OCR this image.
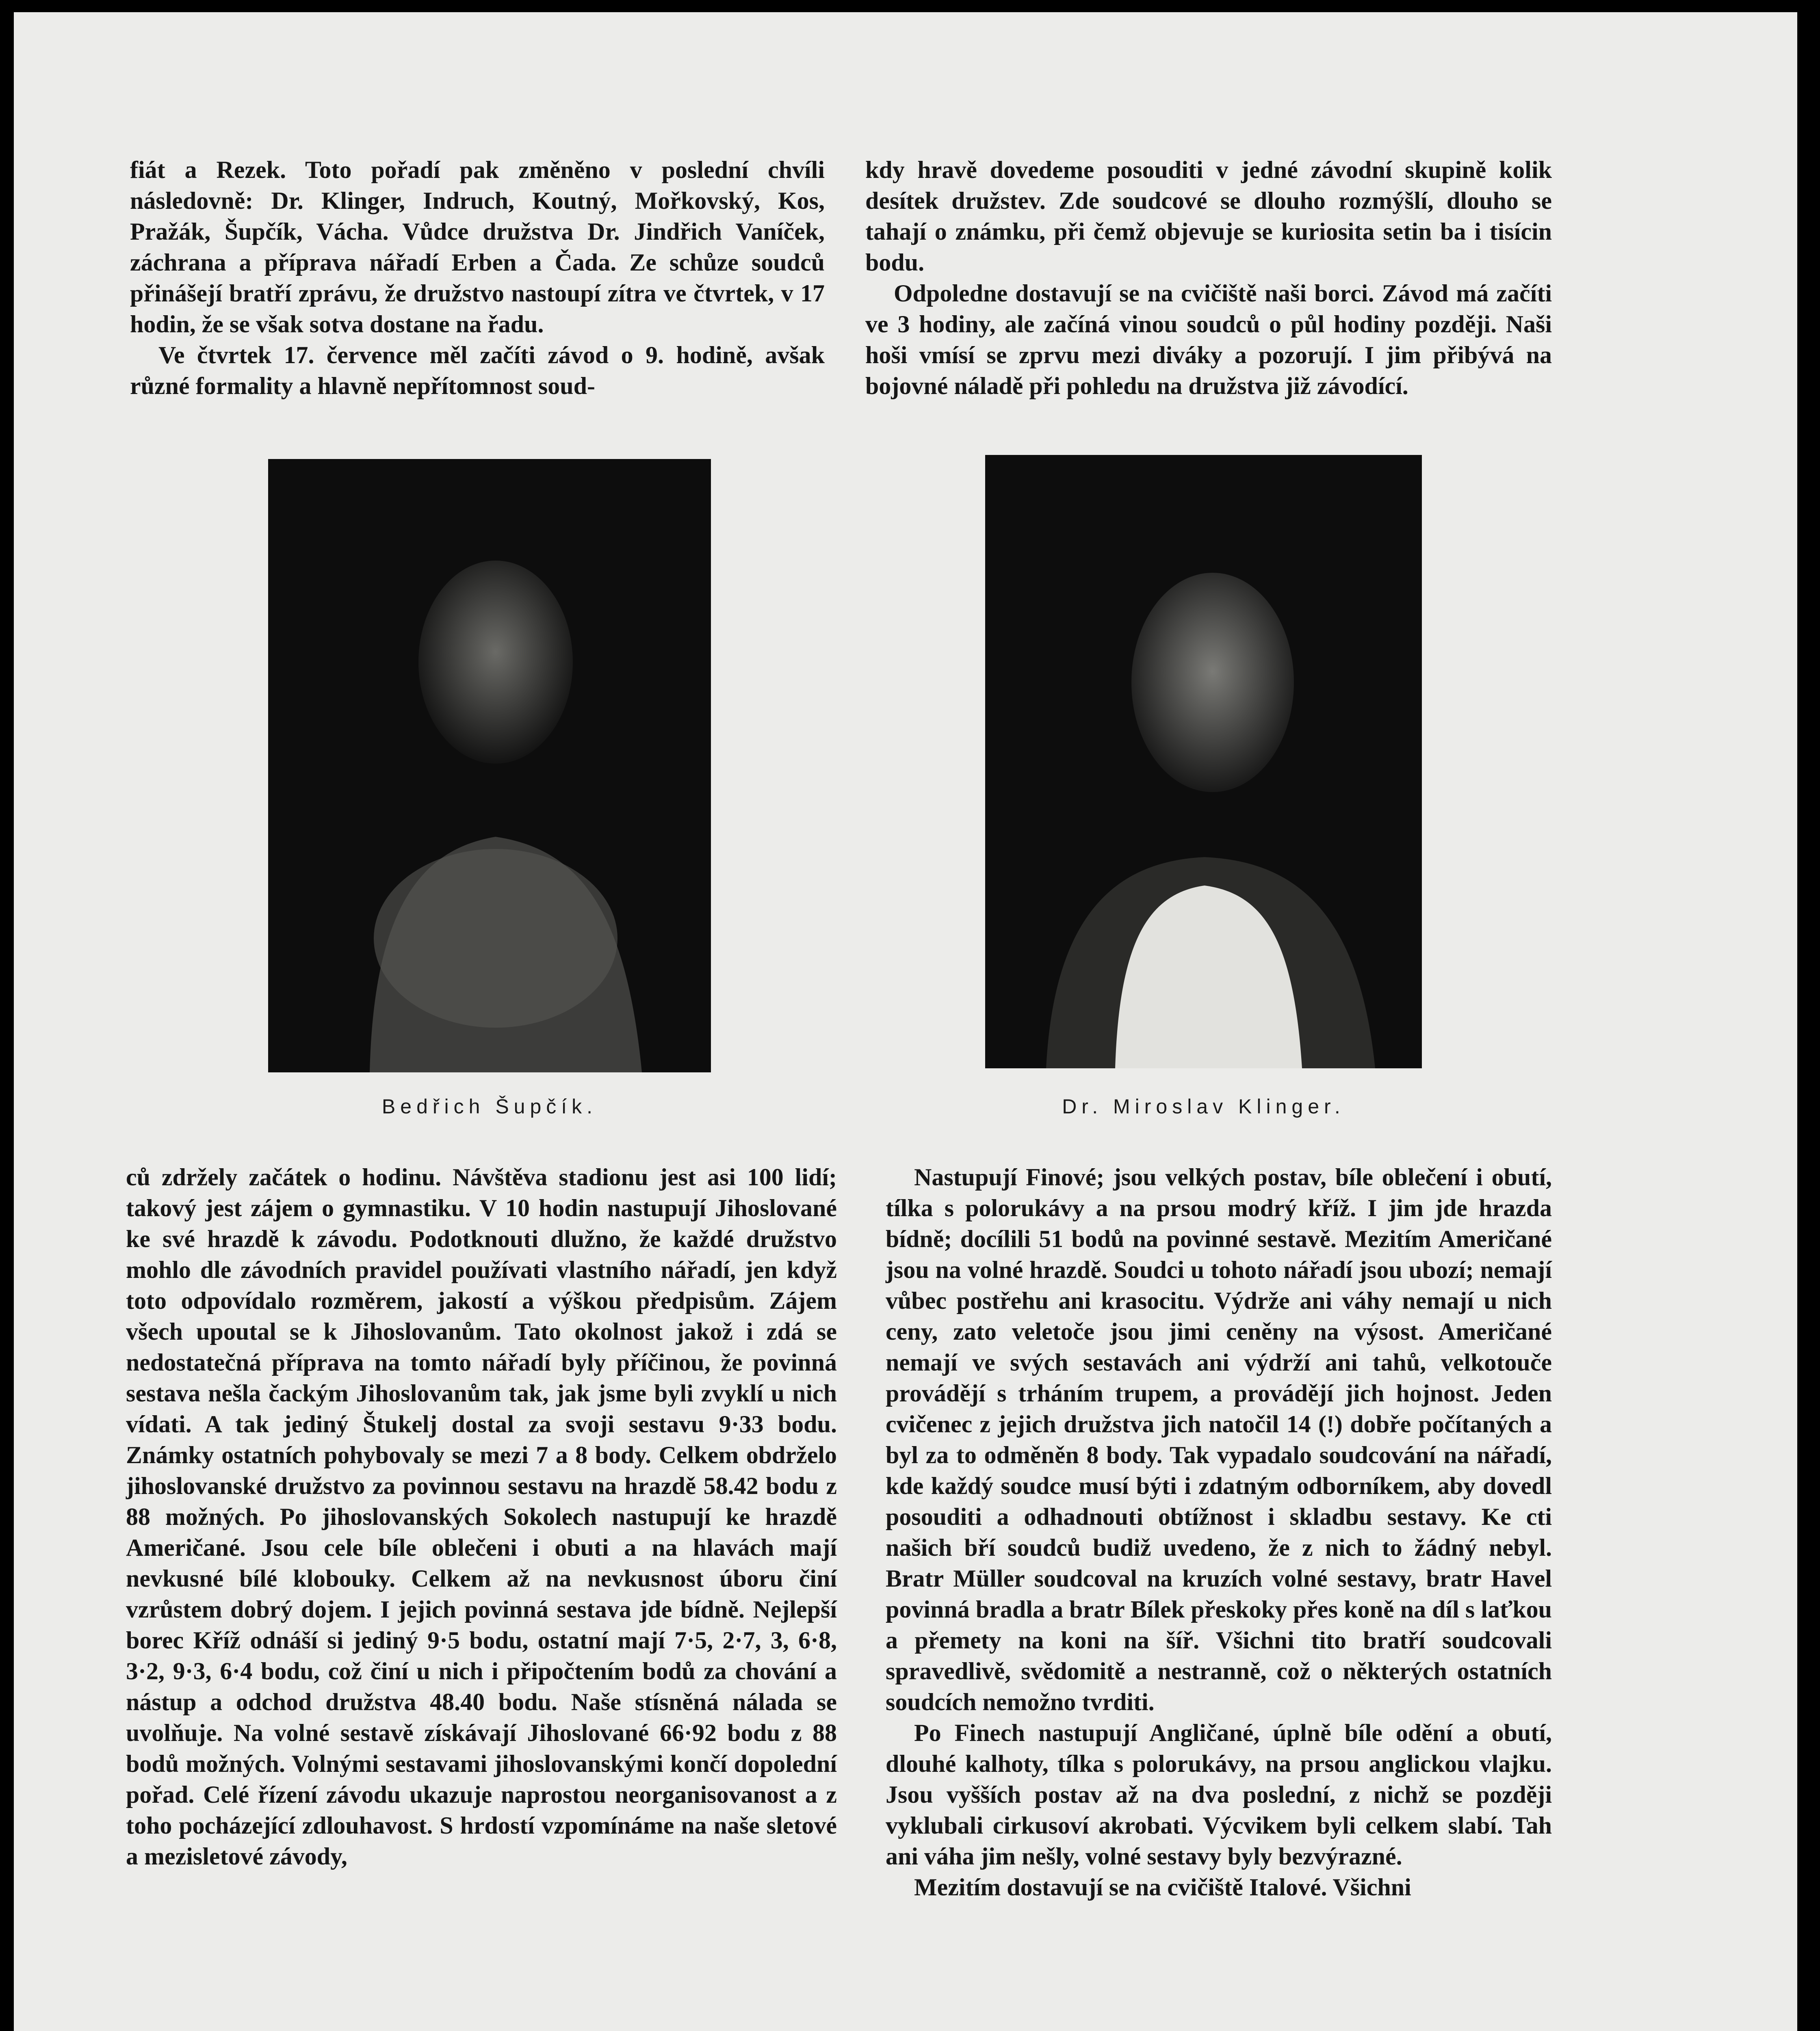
fiát a Rezek. Toto pořadí pak změněno v poslední chvíli následovně: Dr. Klinger, Indruch, Koutný, Mořkovský, Kos, Pražák, Šupčík, Vácha. Vůdce družstva Dr. Jindřich Vaníček, záchrana a příprava nářadí Erben a Čada. Ze schůze soudců přinášejí bratří zprávu, že družstvo nastoupí zítra ve čtvrtek, v 17 hodin, že se však sotva dostane na řadu.

Ve čtvrtek 17. července měl začíti závod o 9. hodině, avšak různé formality a hlavně nepřítomnost soud-

kdy hravě dovedeme posouditi v jedné závodní skupině kolik desítek družstev. Zde soudcové se dlouho rozmýšlí, dlouho se tahají o známku, při čemž objevuje se kuriosita setin ba i tisícin bodu.

Odpoledne dostavují se na cvičiště naši borci. Závod má začíti ve 3 hodiny, ale začíná vinou soudců o půl hodiny později. Naši hoši vmísí se zprvu mezi diváky a pozorují. I jim přibývá na bojovné náladě při pohledu na družstva již závodící.

Bedřich Šupčík.	Dr. Miroslav Klinger.

ců zdržely začátek o hodinu. Návštěva stadionu jest asi 100 lidí; takový jest zájem o gymnastiku. V 10 hodin nastupují Jihoslované ke své hrazdě k závodu. Podotknouti dlužno, že každé družstvo mohlo dle závodních pravidel používati vlastního nářadí, jen když toto odpovídalo rozměrem, jakostí a výškou předpisům. Zájem všech upoutal se k Jihoslovanům. Tato okolnost jakož i zdá se nedostatečná příprava na tomto nářadí byly příčinou, že povinná sestava nešla čackým Jihoslovanům tak, jak jsme byli zvyklí u nich vídati. A tak jediný Štukelj dostal za svoji sestavu 9·33 bodu. Známky ostatních pohybovaly se mezi 7 a 8 body. Celkem obdrželo jihoslovanské družstvo za povinnou sestavu na hrazdě 58.42 bodu z 88 možných. Po jihoslovanských Sokolech nastupují ke hrazdě Američané. Jsou cele bíle oblečeni i obuti a na hlavách mají nevkusné bílé klobouky. Celkem až na nevkusnost úboru činí vzrůstem dobrý dojem. I jejich povinná sestava jde bídně. Nejlepší borec Kříž odnáší si jediný 9·5 bodu, ostatní mají 7·5, 2·7, 3, 6·8, 3·2, 9·3, 6·4 bodu, což činí u nich i připočtením bodů za chování a nástup a odchod družstva 48.40 bodu. Naše stísněná nálada se uvolňuje. Na volné sestavě získávají Jihoslované 66·92 bodu z 88 bodů možných. Volnými sestavami jihoslovanskými končí dopolední pořad. Celé řízení závodu ukazuje naprostou neorganisovanost a z toho pocházející zdlouhavost. S hrdostí vzpomínáme na naše sletové a mezisletové závody,

Nastupují Finové; jsou velkých postav, bíle oblečení i obutí, tílka s polorukávy a na prsou modrý kříž. I jim jde hrazda bídně; docílili 51 bodů na povinné sestavě. Mezitím Američané jsou na volné hrazdě. Soudci u tohoto nářadí jsou ubozí; nemají vůbec postřehu ani krasocitu. Výdrže ani váhy nemají u nich ceny, zato veletoče jsou jimi ceněny na výsost. Američané nemají ve svých sestavách ani výdrží ani tahů, velkotouče provádějí s trháním trupem, a provádějí jich hojnost. Jeden cvičenec z jejich družstva jich natočil 14 (!) dobře počítaných a byl za to odměněn 8 body. Tak vypadalo soudcování na nářadí, kde každý soudce musí býti i zdatným odborníkem, aby dovedl posouditi a odhadnouti obtížnost i skladbu sestavy. Ke cti našich bří soudců budiž uvedeno, že z nich to žádný nebyl. Bratr Müller soudcoval na kruzích volné sestavy, bratr Havel povinná bradla a bratr Bílek přeskoky přes koně na díl s laťkou a přemety na koni na šíř. Všichni tito bratří soudcovali spravedlivě, svědomitě a nestranně, což o některých ostatních soudcích nemožno tvrditi.

Po Finech nastupují Angličané, úplně bíle odění a obutí, dlouhé kalhoty, tílka s polorukávy, na prsou anglickou vlajku. Jsou vyšších postav až na dva poslední, z nichž se později vyklubali cirkusoví akrobati. Výcvikem byli celkem slabí. Tah ani váha jim nešly, volné sestavy byly bezvýrazné.

Mezitím dostavují se na cvičiště Italové. Všichni
